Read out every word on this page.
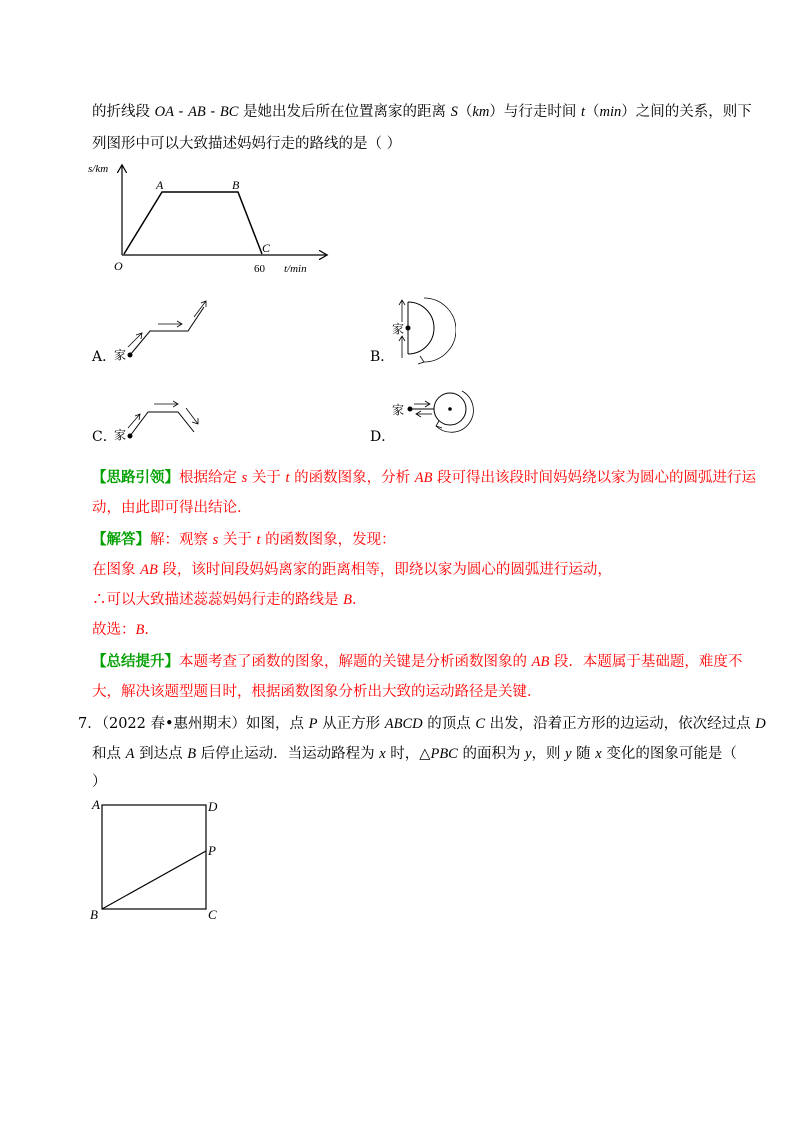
的折线段 OA - AB - BC 是她出发后所在位置离家的距离 S（km）与行走时间 t（min）之间的关系，则下
列图形中可以大致描述妈妈行走的路线的是（ ）
s/km
t/min
O
A	B
C
60
A．
家	B．
家
C．
家	D．
家
【思路引领】根据给定 s 关于 t 的函数图象，分析 AB 段可得出该段时间妈妈绕以家为圆心的圆弧进行运
动，由此即可得出结论．
【解答】解：观察 s 关于 t 的函数图象，发现：
在图象 AB 段，该时间段妈妈离家的距离相等，即绕以家为圆心的圆弧进行运动，
∴可以大致描述蕊蕊妈妈行走的路线是 B．
故选：B．
【总结提升】本题考查了函数的图象，解题的关键是分析函数图象的 AB 段．本题属于基础题，难度不
大，解决该题型题目时，根据函数图象分析出大致的运动路径是关键．
7．（2022 春•惠州期末）如图，点 P 从正方形 ABCD 的顶点 C 出发，沿着正方形的边运动，依次经过点 D
和点 A 到达点 B 后停止运动．当运动路程为 x 时，△PBC 的面积为 y，则 y 随 x 变化的图象可能是（
）
A	D
P
B	C
